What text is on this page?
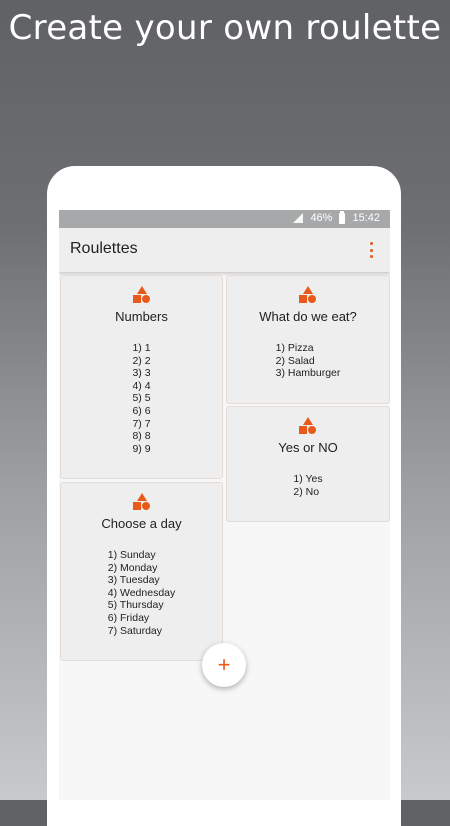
Create your own roulette
46% 15:42
Roulettes
Numbers
1) 1
2) 2
3) 3
4) 4
5) 5
6) 6
7) 7
8) 8
9) 9
What do we eat?
1) Pizza
2) Salad
3) Hamburger
Yes or NO
1) Yes
2) No
Choose a day
1) Sunday
2) Monday
3) Tuesday
4) Wednesday
5) Thursday
6) Friday
7) Saturday
+
